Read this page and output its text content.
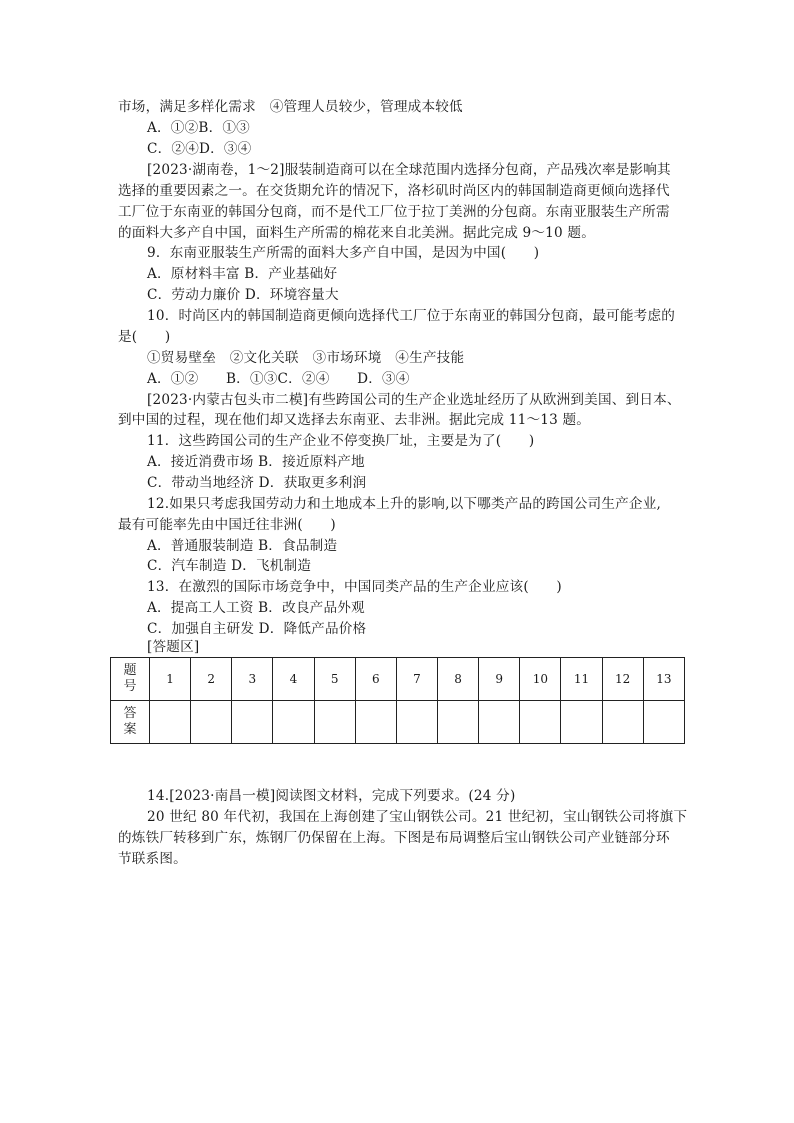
市场，满足多样化需求　④管理人员较少，管理成本较低
A．①②B．①③
C．②④D．③④
[2023·湖南卷，1～2]服装制造商可以在全球范围内选择分包商，产品残次率是影响其
选择的重要因素之一。在交货期允许的情况下，洛杉矶时尚区内的韩国制造商更倾向选择代
工厂位于东南亚的韩国分包商，而不是代工厂位于拉丁美洲的分包商。东南亚服装生产所需
的面料大多产自中国，面料生产所需的棉花来自北美洲。据此完成 9～10 题。
9．东南亚服装生产所需的面料大多产自中国，是因为中国(　　)
A．原材料丰富 B．产业基础好
C．劳动力廉价 D．环境容量大
10．时尚区内的韩国制造商更倾向选择代工厂位于东南亚的韩国分包商，最可能考虑的
是(　　)
①贸易壁垒　②文化关联　③市场环境　④生产技能
A．①②　　B．①③C．②④　　D．③④
[2023·内蒙古包头市二模]有些跨国公司的生产企业选址经历了从欧洲到美国、到日本、
到中国的过程，现在他们却又选择去东南亚、去非洲。据此完成 11～13 题。
11．这些跨国公司的生产企业不停变换厂址，主要是为了(　　)
A．接近消费市场 B．接近原料产地
C．带动当地经济 D．获取更多利润
12.如果只考虑我国劳动力和土地成本上升的影响,以下哪类产品的跨国公司生产企业,
最有可能率先由中国迁往非洲(　　)
A．普通服装制造 B．食品制造
C．汽车制造 D．飞机制造
13．在激烈的国际市场竞争中，中国同类产品的生产企业应该(　　)
A．提高工人工资 B．改良产品外观
C．加强自主研发 D．降低产品价格
[答题区]
题
号	1	2	3	4	5	6	7	8	9	10	11	12	13
答
案													
14.[2023·南昌一模]阅读图文材料，完成下列要求。(24 分)
20 世纪 80 年代初，我国在上海创建了宝山钢铁公司。21 世纪初，宝山钢铁公司将旗下
的炼铁厂转移到广东，炼钢厂仍保留在上海。下图是布局调整后宝山钢铁公司产业链部分环
节联系图。
